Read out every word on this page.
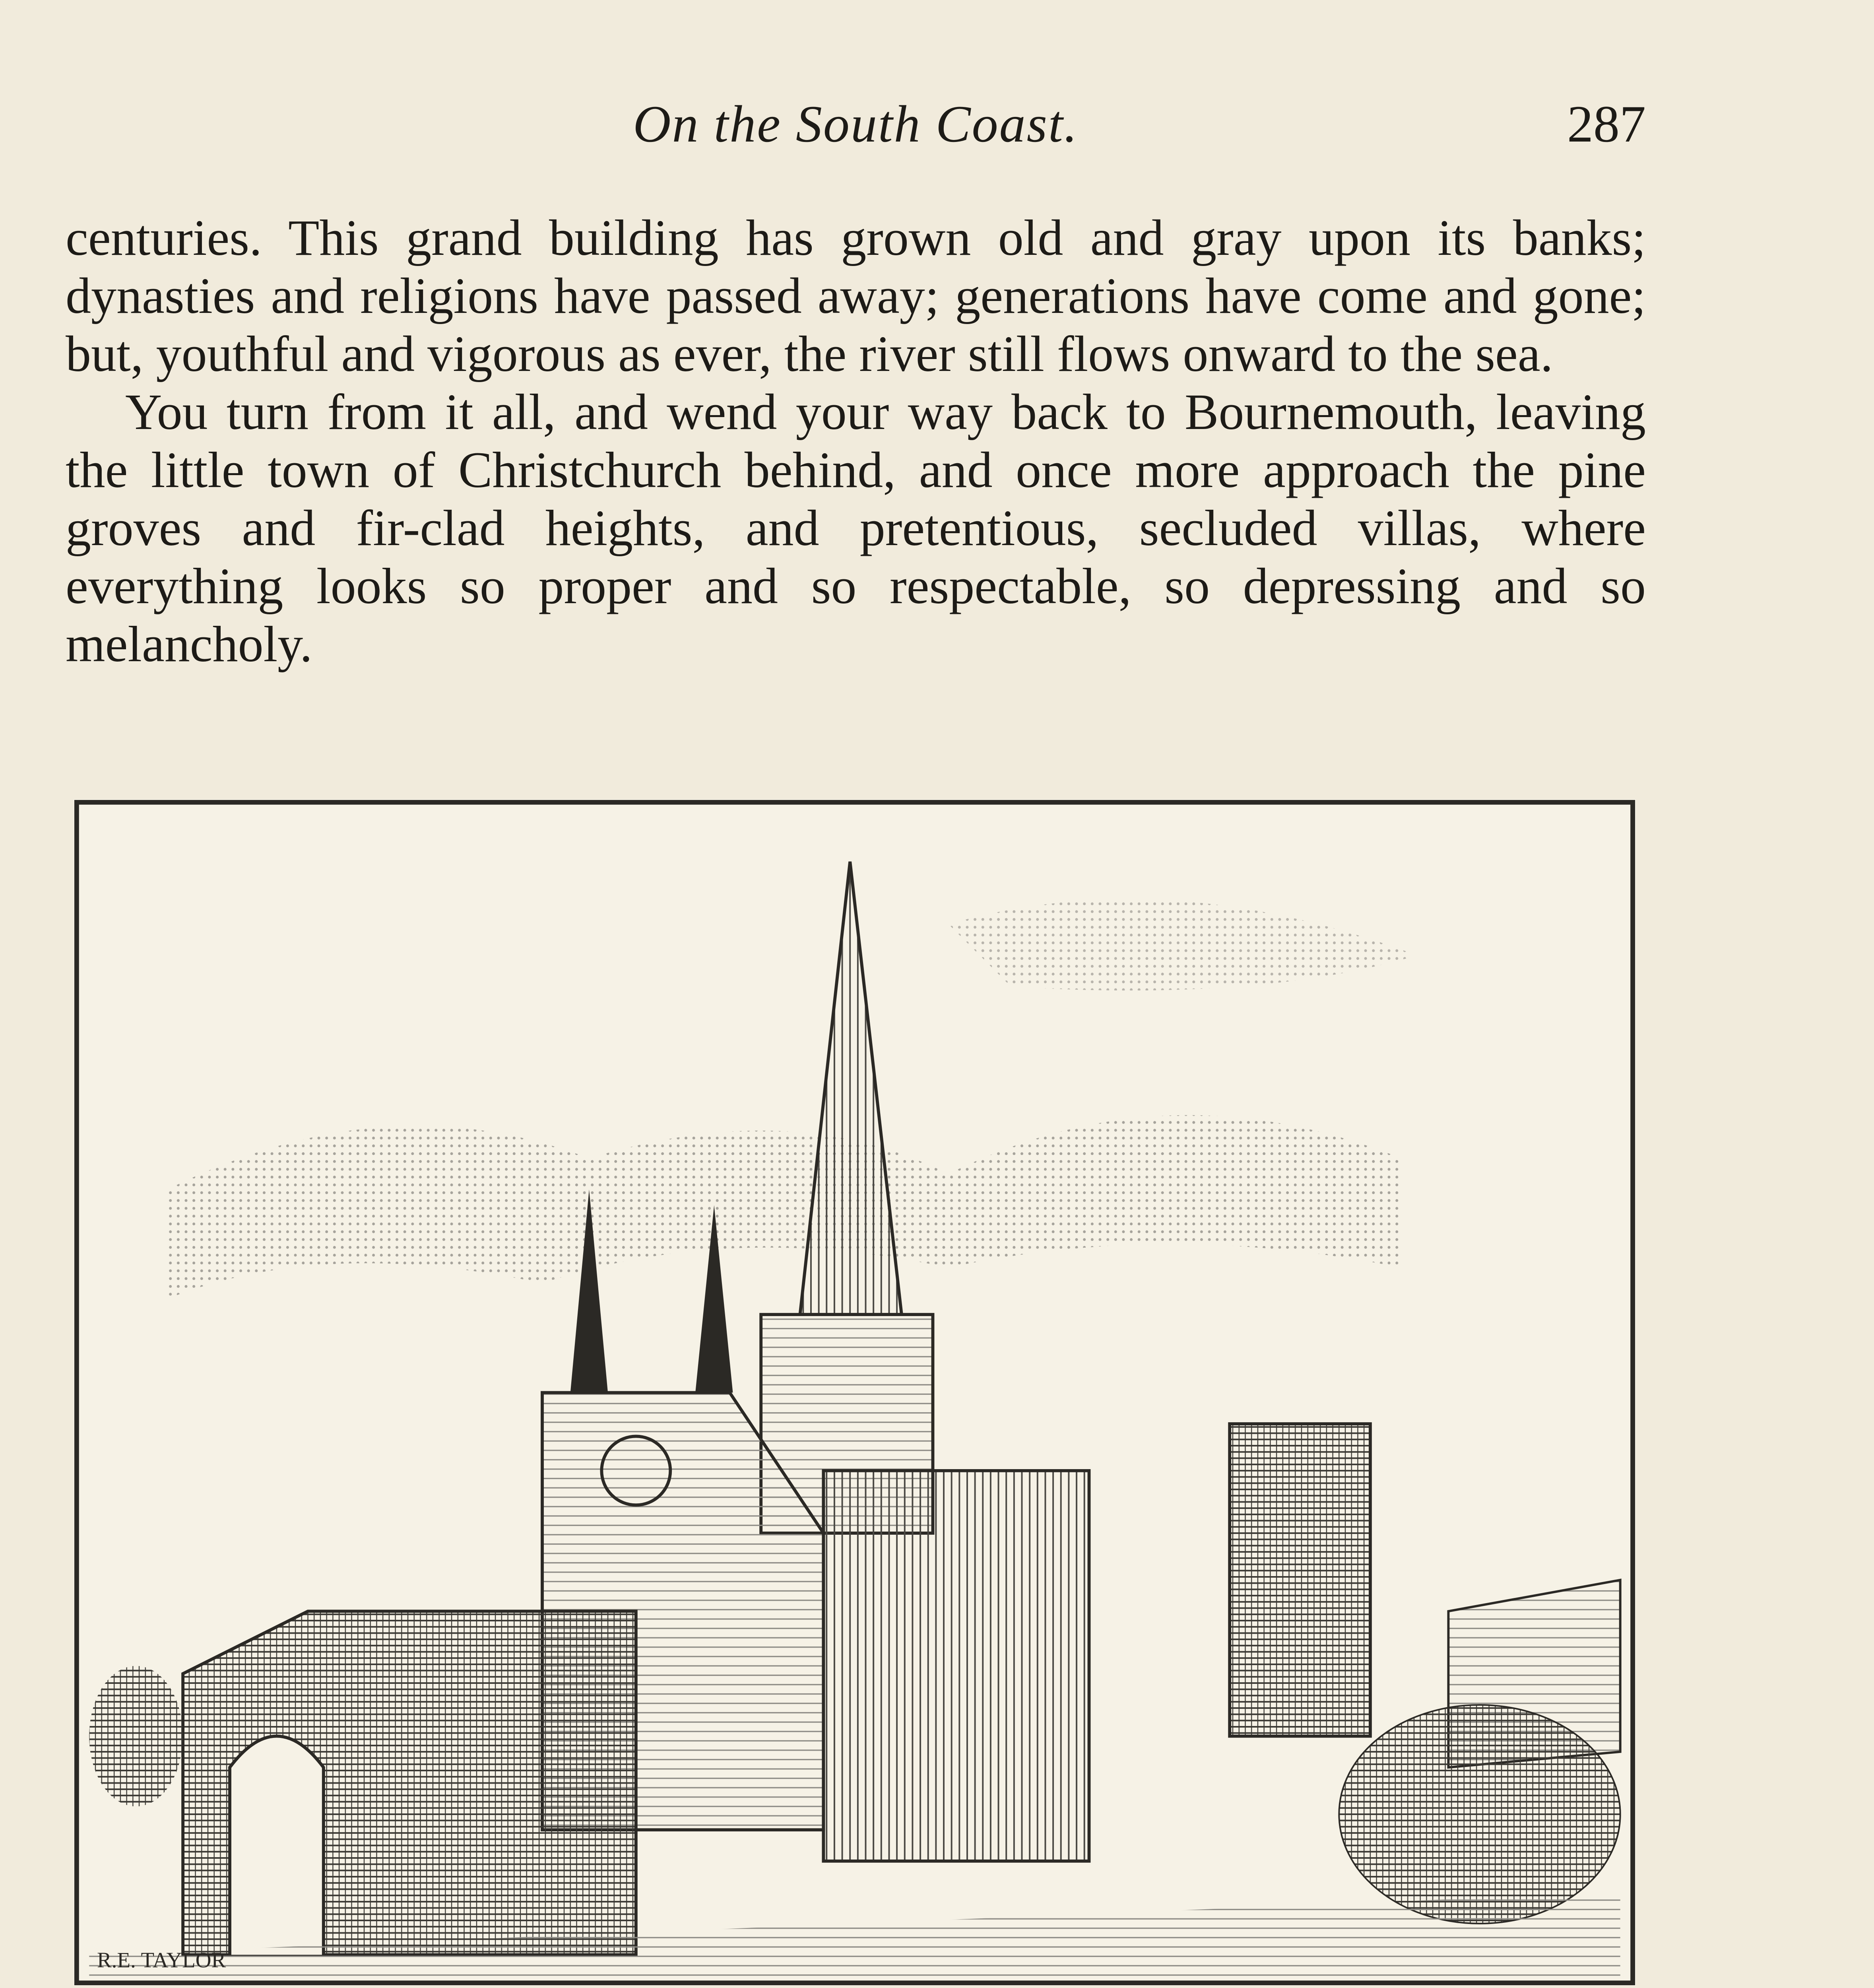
On the South Coast.	287

centuries. This grand building has grown old and gray upon its banks; dynasties and religions have passed away; generations have come and gone; but, youthful and vigorous as ever, the river still flows onward to the sea.

You turn from it all, and wend your way back to Bournemouth, leaving the little town of Christchurch behind, and once more approach the pine groves and fir-clad heights, and pretentious, secluded villas, where everything looks so proper and so respectable, so depressing and so melancholy.

R.E. TAYLOR
